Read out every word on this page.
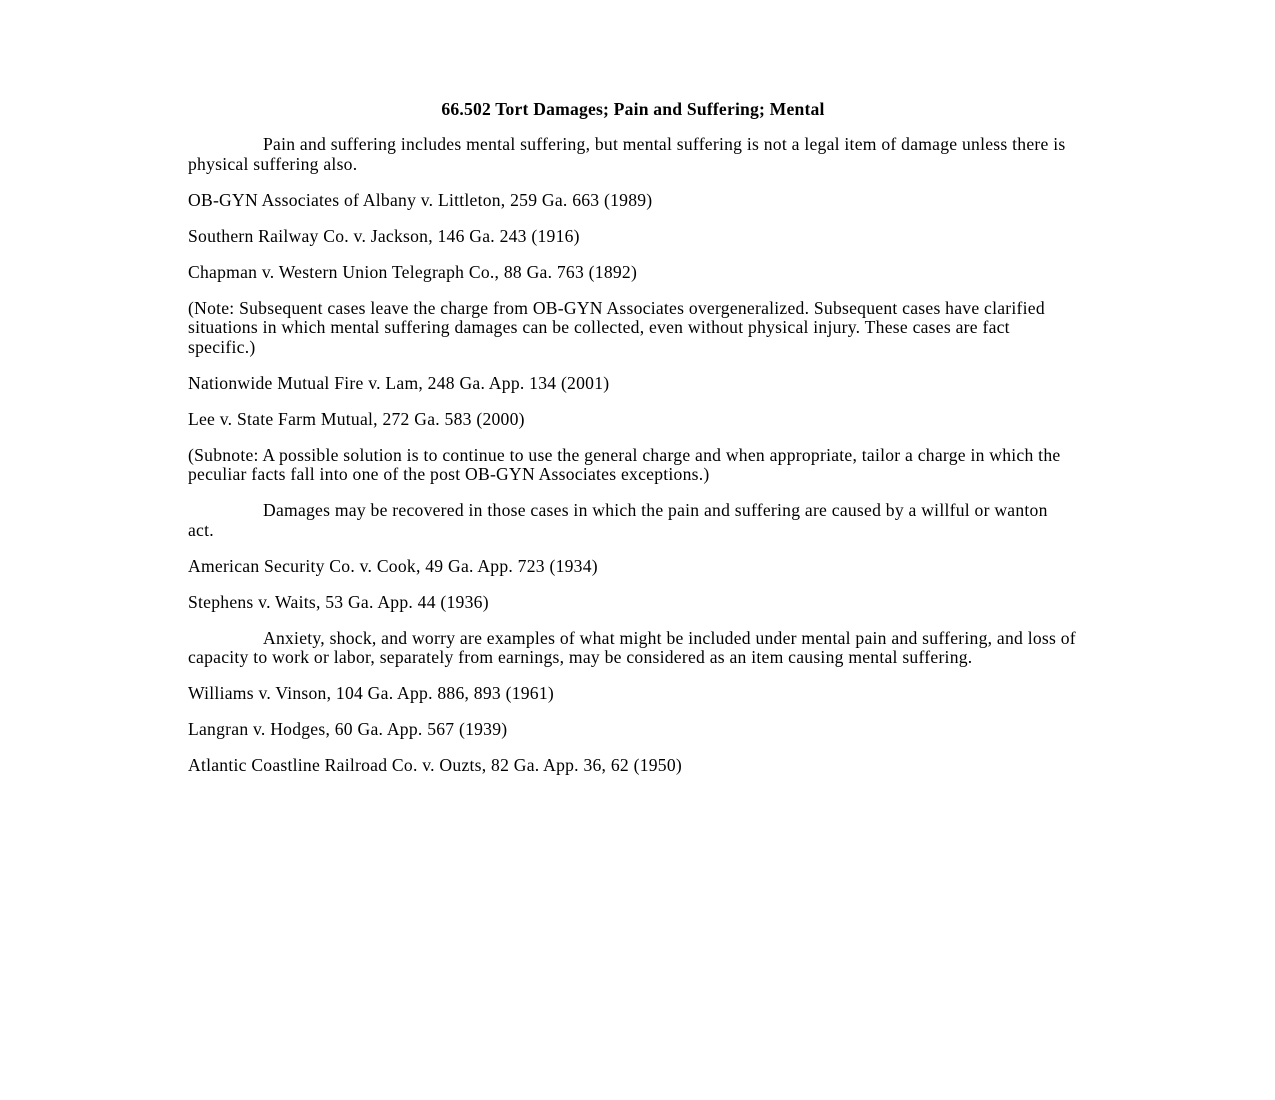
66.502 Tort Damages; Pain and Suffering; Mental

Pain and suffering includes mental suffering, but mental suffering is not a legal item of damage unless there is physical suffering also.

OB-GYN Associates of Albany v. Littleton, 259 Ga. 663 (1989)

Southern Railway Co. v. Jackson, 146 Ga. 243 (1916)

Chapman v. Western Union Telegraph Co., 88 Ga. 763 (1892)

(Note: Subsequent cases leave the charge from OB-GYN Associates overgeneralized. Subsequent cases have clarified situations in which mental suffering damages can be collected, even without physical injury. These cases are fact specific.)

Nationwide Mutual Fire v. Lam, 248 Ga. App. 134 (2001)

Lee v. State Farm Mutual, 272 Ga. 583 (2000)

(Subnote: A possible solution is to continue to use the general charge and when appropriate, tailor a charge in which the peculiar facts fall into one of the post OB-GYN Associates exceptions.)

Damages may be recovered in those cases in which the pain and suffering are caused by a willful or wanton act.

American Security Co. v. Cook, 49 Ga. App. 723 (1934)

Stephens v. Waits, 53 Ga. App. 44 (1936)

Anxiety, shock, and worry are examples of what might be included under mental pain and suffering, and loss of capacity to work or labor, separately from earnings, may be considered as an item causing mental suffering.

Williams v. Vinson, 104 Ga. App. 886, 893 (1961)

Langran v. Hodges, 60 Ga. App. 567 (1939)

Atlantic Coastline Railroad Co. v. Ouzts, 82 Ga. App. 36, 62 (1950)
